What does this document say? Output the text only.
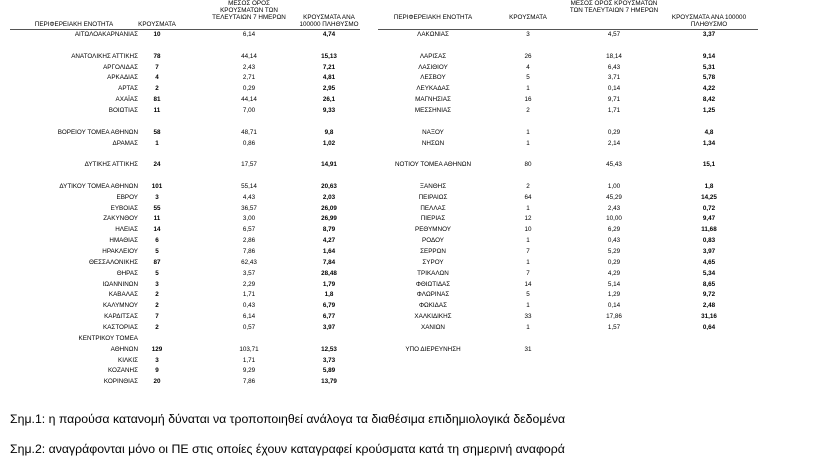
ΠΕΡΙΦΕΡΕΙΑΚΗ ΕΝΟΤΗΤΑ	ΚΡΟΥΣΜΑΤΑ
ΜΕΣΟΣ ΟΡΟΣ ΚΡΟΥΣΜΑΤΩΝ ΤΩΝ ΤΕΛΕΥΤΑΙΩΝ 7 ΗΜΕΡΩΝ	ΚΡΟΥΣΜΑΤΑ ΑΝΑ 100000 ΠΛΗΘΥΣΜΟ
ΑΙΤΩΛΟΑΚΑΡΝΑΝΙΑΣ	10	6,14	4,74
ΑΝΑΤΟΛΙΚΗΣ ΑΤΤΙΚΗΣ	78	44,14	15,13
ΑΡΓΟΛΙΔΑΣ	7	2,43	7,21
ΑΡΚΑΔΙΑΣ	4	2,71	4,81
ΑΡΤΑΣ	2	0,29	2,95
ΑΧΑΪΑΣ	81	44,14	26,1
ΒΟΙΩΤΙΑΣ	11	7,00	9,33
ΒΟΡΕΙΟΥ ΤΟΜΕΑ ΑΘΗΝΩΝ	58	48,71	9,8
ΔΡΑΜΑΣ	1	0,86	1,02
ΔΥΤΙΚΗΣ ΑΤΤΙΚΗΣ	24	17,57	14,91
ΔΥΤΙΚΟΥ ΤΟΜΕΑ ΑΘΗΝΩΝ	101	55,14	20,63
ΕΒΡΟΥ	3	4,43	2,03
ΕΥΒΟΙΑΣ	55	36,57	26,09
ΖΑΚΥΝΘΟΥ	11	3,00	26,99
ΗΛΕΙΑΣ	14	6,57	8,79
ΗΜΑΘΙΑΣ	6	2,86	4,27
ΗΡΑΚΛΕΙΟΥ	5	7,86	1,64
ΘΕΣΣΑΛΟΝΙΚΗΣ	87	62,43	7,84
ΘΗΡΑΣ	5	3,57	28,48
ΙΩΑΝΝΙΝΩΝ	3	2,29	1,79
ΚΑΒΑΛΑΣ	2	1,71	1,8
ΚΑΛΥΜΝΟΥ	2	0,43	6,79
ΚΑΡΔΙΤΣΑΣ	7	6,14	6,77
ΚΑΣΤΟΡΙΑΣ	2	0,57	3,97
ΚΕΝΤΡΙΚΟΥ ΤΟΜΕΑ
ΑΘΗΝΩΝ	129	103,71	12,53
ΚΙΛΚΙΣ	3	1,71	3,73
ΚΟΖΑΝΗΣ	9	9,29	5,89
ΚΟΡΙΝΘΙΑΣ	20	7,86	13,79
ΠΕΡΙΦΕΡΕΙΑΚΗ ΕΝΟΤΗΤΑ	ΚΡΟΥΣΜΑΤΑ
ΜΕΣΟΣ ΟΡΟΣ ΚΡΟΥΣΜΑΤΩΝ ΤΩΝ ΤΕΛΕΥΤΑΙΩΝ 7 ΗΜΕΡΩΝ
ΚΡΟΥΣΜΑΤΑ ΑΝΑ 100000 ΠΛΗΘΥΣΜΟ
ΛΑΚΩΝΙΑΣ	3	4,57	3,37
ΛΑΡΙΣΑΣ	26	18,14	9,14
ΛΑΣΙΘΙΟΥ	4	6,43	5,31
ΛΕΣΒΟΥ	5	3,71	5,78
ΛΕΥΚΑΔΑΣ	1	0,14	4,22
ΜΑΓΝΗΣΙΑΣ	16	9,71	8,42
ΜΕΣΣΗΝΙΑΣ	2	1,71	1,25
ΝΑΞΟΥ	1	0,29	4,8
ΝΗΣΩΝ	1	2,14	1,34
ΝΟΤΙΟΥ ΤΟΜΕΑ ΑΘΗΝΩΝ	80	45,43	15,1
ΞΑΝΘΗΣ	2	1,00	1,8
ΠΕΙΡΑΙΩΣ	64	45,29	14,25
ΠΕΛΛΑΣ	1	2,43	0,72
ΠΙΕΡΙΑΣ	12	10,00	9,47
ΡΕΘΥΜΝΟΥ	10	6,29	11,68
ΡΟΔΟΥ	1	0,43	0,83
ΣΕΡΡΩΝ	7	5,29	3,97
ΣΥΡΟΥ	1	0,29	4,65
ΤΡΙΚΑΛΩΝ	7	4,29	5,34
ΦΘΙΩΤΙΔΑΣ	14	5,14	8,65
ΦΛΩΡΙΝΑΣ	5	1,29	9,72
ΦΩΚΙΔΑΣ	1	0,14	2,48
ΧΑΛΚΙΔΙΚΗΣ	33	17,86	31,16
ΧΑΝΙΩΝ	1	1,57	0,64
ΥΠΟ ΔΙΕΡΕΥΝΗΣΗ	31
Σημ.1: η παρούσα κατανομή δύναται να τροποποιηθεί ανάλογα τα διαθέσιμα επιδημιολογικά δεδομένα
Σημ.2: αναγράφονται μόνο οι ΠΕ στις οποίες έχουν καταγραφεί κρούσματα κατά τη σημερινή αναφορά
